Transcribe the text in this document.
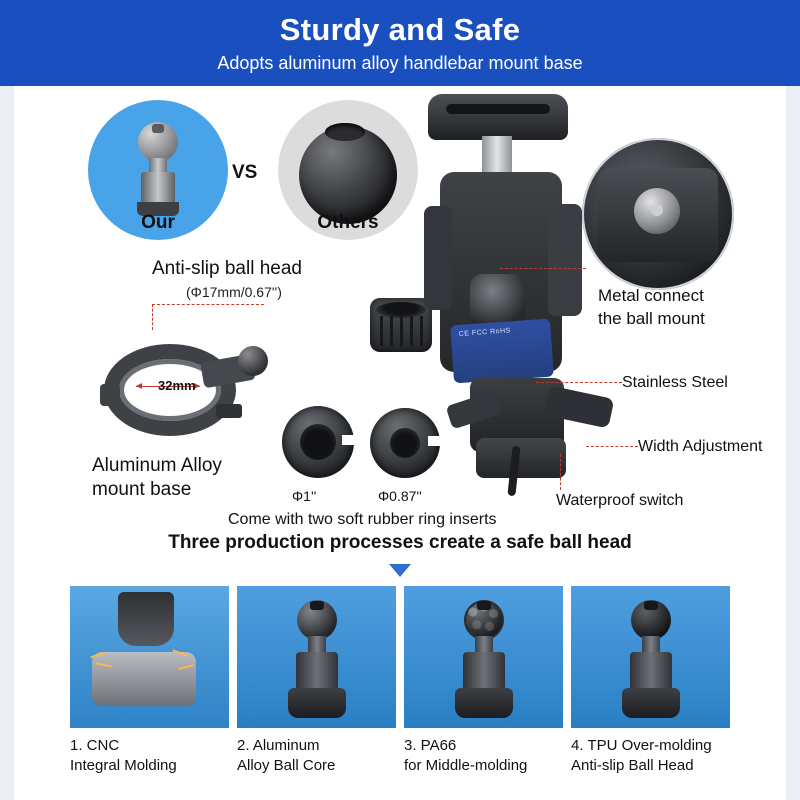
Sturdy and Safe
Adopts aluminum alloy handlebar mount base
Our
VS
Others
Anti-slip ball head
(Φ17mm/0.67'')
32mm
Aluminum Alloy
mount base	Φ1''	Φ0.87''
Come with two soft rubber ring inserts
CE FCC RoHS
Metal connect
the ball mount
Stainless Steel
Width Adjustment
Waterproof switch
Three production processes create a safe ball head
1. CNC
Integral Molding
2. Aluminum
Alloy Ball Core
3. PA66
for Middle-molding
4. TPU Over-molding
Anti-slip Ball Head
